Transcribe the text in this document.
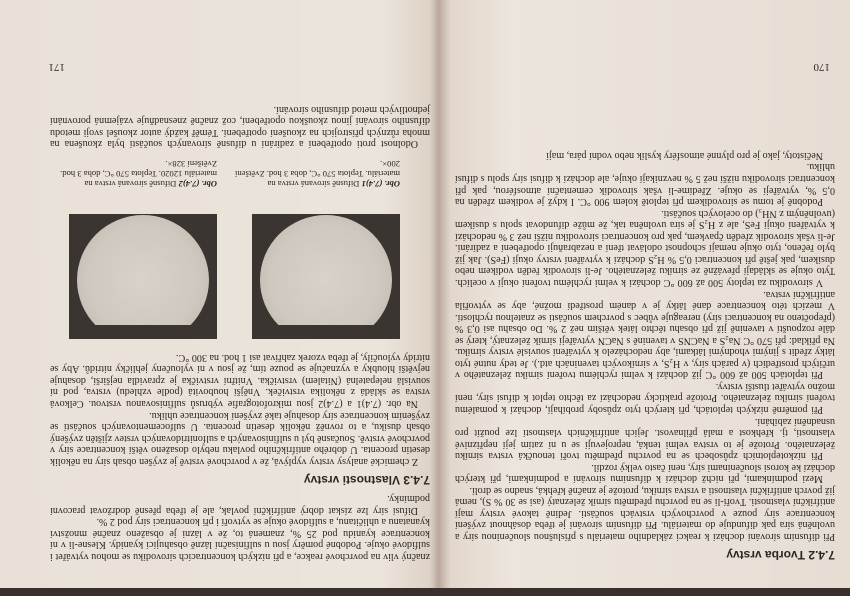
7.4.2 Tvorba vrstvy

Při difusním sírování dochází k reakci základního materiálu s příslušnou sloučeninou síry a uvolněná síra pak difunduje do materiálu. Při difusním sírování je třeba dosáhnout zvýšení koncentrace síry pouze v povrchových vrstvách součásti. Jedině takové vrstvy mají antifrikční vlastnosti. Tvoří-li se na povrchu předmětu sirník železnatý (asi se 30 % S), nemá již povrch antifrikční vlastnosti a vrstva sirníku, protože je značně křehká, snadno se drolí.

Mezi podmínkami, při nichž dochází k difusnímu sírování a podmínkami, při kterých dochází ke korosi sloučeninami síry, není často velký rozdíl.

Při nízkoteplotních způsobech se na povrchu předmětu tvoří tenoučká vrstva sirníku železnatého. Protože je to vrstva velmi tenká, neprojevují se u ní zatím její nepříznivé vlastnosti, tj. křehkost a malá přilnavost. Jejích antifrikčních vlastností lze použít pro usnadnění zabíhání.

Při poměrně nízkých teplotách, při kterých tyto způsoby probíhají, dochází k pomalému tvoření sirníku železnatého. Protože prakticky nedochází za těchto teplot k difusi síry, není možno vytvářet tlustší vrstvy.

Při teplotách 500 až 600 °C již dochází k velmi rychlému tvoření sirníku železnatého v určitých prostředích (v parách síry, v H₂S, v sirníkových taveninách atd.). Je tedy nutné tyto látky zředit s jinými vhodnými látkami, aby nedocházelo k vytváření souvislé vrstvy sirníku. Na příklad: při 570 °C Na₂S a NaCNS v tavenině s NaCN vytvářejí sirník železnatý, který se dále rozpouští v tavenině již při obsahu těchto látek větším než 2 %. Do obsahu asi 0,3 % (přepočteno na koncentraci síry) nereaguje vůbec s povrchem součásti se znatelnou rychlostí. V mezích této koncentrace dané látky je v daném prostředí možné, aby se vytvořila antifrikční vrstva.

V sirovodíku za teploty 500 až 600 °C dochází k velmi rychlému tvoření okují v ocelích. Tyto okuje se skládají převážně ze sirníku železnatého. Je-li sirovodík ředěn vodíkem nebo dusíkem, pak ještě při koncentraci 0,5 % H₂S dochází k vytváření vrstvy okují (FeS). Jak již bylo řečeno, tyto okuje nemají schopnost odolávat tření a nezabraňují opotřebení a zadírání. Je-li však sirovodík zředěn čpavkem, pak pro koncentraci sirovodíku nižší než 3 % nedochází k vytváření okují FeS, ale z H₂S je síra uvolněna tak, že může difundovat spolu s dusíkem (uvolněným z NH₃) do ocelových součástí.

Podobně je tomu se sirovodíkem při teplotě kolem 900 °C. I když je vodíkem zředěn na 0,5 %, vytvářejí se okuje. Zředíme-li však sirovodík cementační atmosférou, pak při koncentraci sirovodíku nižší než 5 % nevznikají okuje, ale dochází k difusi síry spolu s difusí uhlíku.

Nečistoty, jako je pro plynné atmosféry kyslík nebo vodní pára, mají

170

značný vliv na povrchové reakce, a při nízkých koncentracích sirovodíku se mohou vytvářet i sulfidové okuje. Podobné poměry jsou u sulfinisační lázně obsahující kyanidy. Klesne-li v ní koncentrace kyanidu pod 25 %, znamená to, že v lázni je obsaženo značné množství kyanatanu a uhličitanu, a sulfidové okuje se vytvoří i při koncentraci síry pod 2 %.

Difusí síry lze získat dobrý antifrikční povlak, ale je třeba přesně dodržovat pracovní podmínky.

7.4.3 Vlastnosti vrstvy

Z chemické analysy vrstvy vyplývá, že v povrchové vrstvě je zvýšen obsah síry na několik desetin procenta. U dobrého antifrikčního povlaku nebylo dosaženo větší koncentrace síry v povrchové vrstvě. Současně byl u sulfinisovaných a sulfonitridovaných vrstev zjištěn zvýšený obsah dusíku, a to rovněž několik desetin procenta. U sulfocementovaných součástí se zvýšením koncentrace síry dosahuje také zvýšení koncentrace uhlíku.

Na obr. (7.4)1 a (7.4)2 jsou mikrofotografie výbrusů sulfinisovanou vrstvou. Celková vrstva se skládá z několika vrstviček. Vnější houbovitá (podle vzhledu) vrstva, pod ní souvislá nelepatelná (Nitalem) vrstvička. Vnitřní vrstvička je zpravidla nejširší, dosahuje největší hloubky a vyznačuje se pouze tím, že jsou v ní vyloučeny jehličky nitridů. Aby se nitridy vyloučily, je třeba vzorek zahřívat asi 1 hod. na 300 °C.

Obr. (7.4)1 Difusně sírovaná vrstva na materiálu. Teplota 570 °C, doba 3 hod. Zvětšení 200×.
Obr. (7.4)2 Difusně sírovaná vrstva na materiálu 12020. Teplota 570 °C, doba 3 hod. Zvětšení 328×.

Odolnost proti opotřebení a zadírání u difusně sírovaných součástí byla zkoušena na mnoha různých přístrojích na zkoušení opotřebení. Téměř každý autor zkoušel svoji metodu difusního sírování jinou zkouškou opotřebení, což značně znesnadňuje vzájemná porovnání jednotlivých metod difusního sírování.

171
